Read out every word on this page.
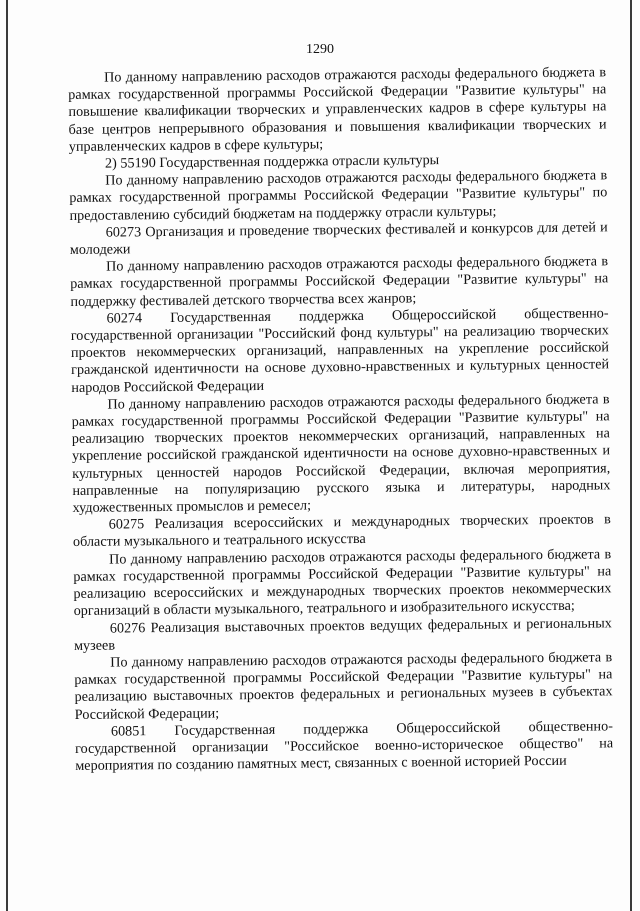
1290

По данному направлению расходов отражаются расходы федерального бюджета в рамках государственной программы Российской Федерации "Развитие культуры" на повышение квалификации творческих и управленческих кадров в сфере культуры на базе центров непрерывного образования и повышения квалификации творческих и управленческих кадров в сфере культуры;

2) 55190 Государственная поддержка отрасли культуры

По данному направлению расходов отражаются расходы федерального бюджета в рамках государственной программы Российской Федерации "Развитие культуры" по предоставлению субсидий бюджетам на поддержку отрасли культуры;

60273 Организация и проведение творческих фестивалей и конкурсов для детей и молодежи

По данному направлению расходов отражаются расходы федерального бюджета в рамках государственной программы Российской Федерации "Развитие культуры" на поддержку фестивалей детского творчества всех жанров;

60274 Государственная поддержка Общероссийской общественно-государственной организации "Российский фонд культуры" на реализацию творческих проектов некоммерческих организаций, направленных на укрепление российской гражданской идентичности на основе духовно-нравственных и культурных ценностей народов Российской Федерации

По данному направлению расходов отражаются расходы федерального бюджета в рамках государственной программы Российской Федерации "Развитие культуры" на реализацию творческих проектов некоммерческих организаций, направленных на укрепление российской гражданской идентичности на основе духовно-нравственных и культурных ценностей народов Российской Федерации, включая мероприятия, направленные на популяризацию русского языка и литературы, народных художественных промыслов и ремесел;

60275 Реализация всероссийских и международных творческих проектов в области музыкального и театрального искусства

По данному направлению расходов отражаются расходы федерального бюджета в рамках государственной программы Российской Федерации "Развитие культуры" на реализацию всероссийских и международных творческих проектов некоммерческих организаций в области музыкального, театрального и изобразительного искусства;

60276 Реализация выставочных проектов ведущих федеральных и региональных музеев

По данному направлению расходов отражаются расходы федерального бюджета в рамках государственной программы Российской Федерации "Развитие культуры" на реализацию выставочных проектов федеральных и региональных музеев в субъектах Российской Федерации;

60851 Государственная поддержка Общероссийской общественно-государственной организации "Российское военно-историческое общество" на мероприятия по созданию памятных мест, связанных с военной историей России
